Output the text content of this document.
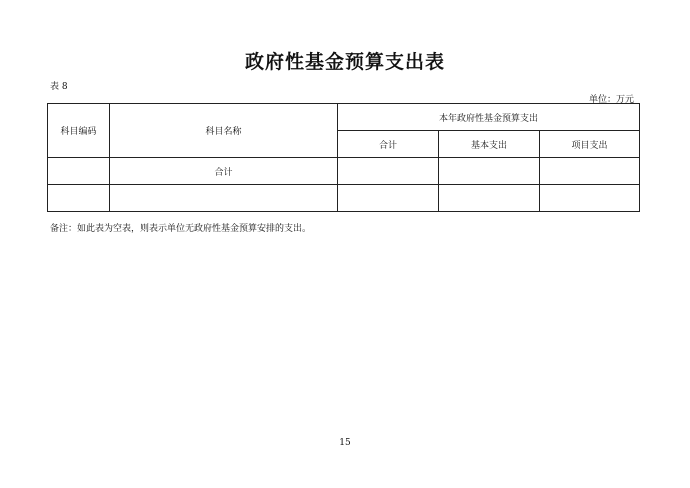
政府性基金预算支出表
表 8
单位：万元
科目编码	科目名称	本年政府性基金预算支出		
		合计	基本支出	项目支出
	合计			

备注：如此表为空表，则表示单位无政府性基金预算安排的支出。
15
